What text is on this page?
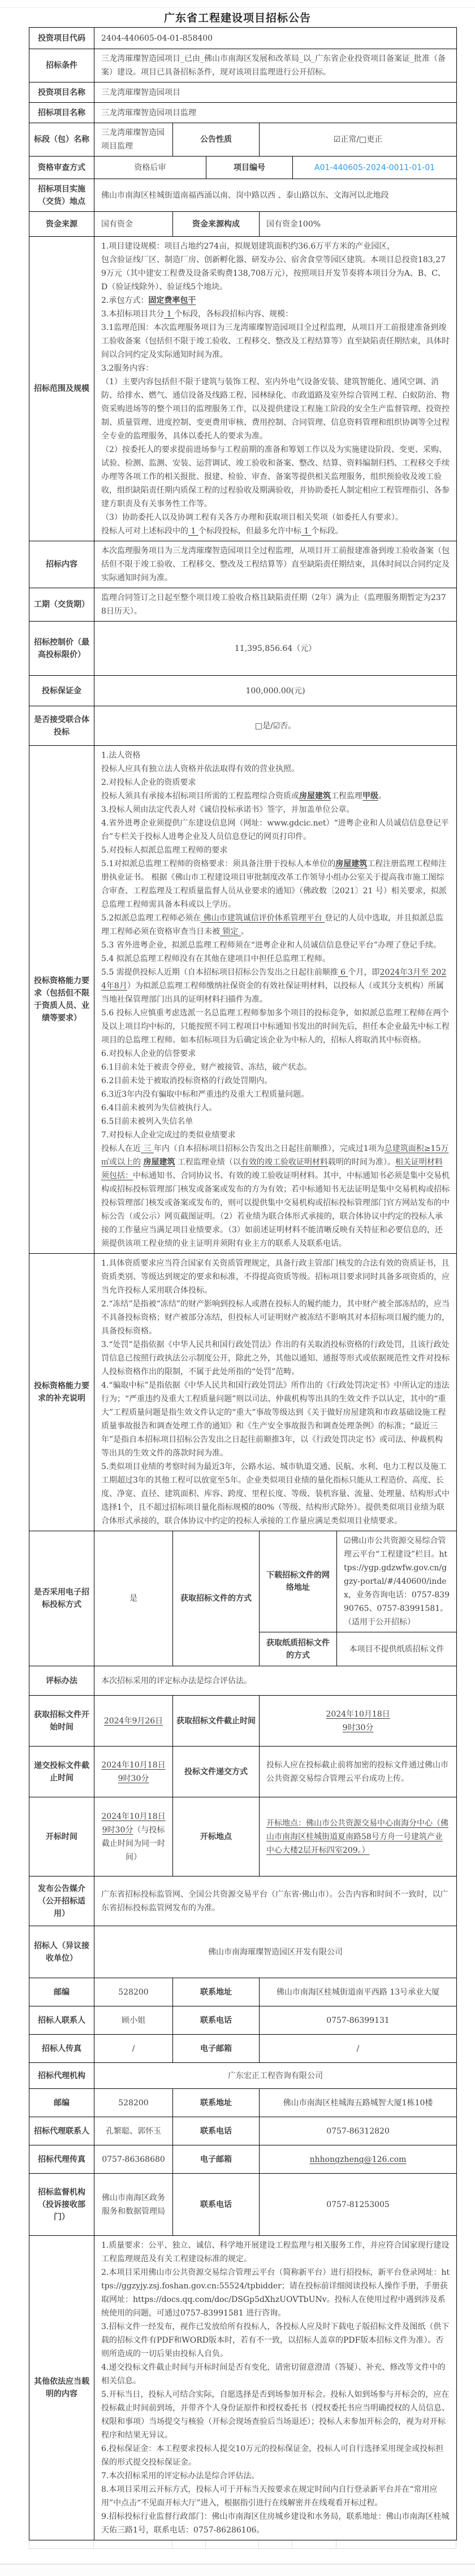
广东省工程建设项目招标公告
投资项目代码	2404-440605-04-01-858400					

招标条件	三龙湾璀璨智造园项目_已由_佛山市南海区发展和改革局_以_广东省企业投资项目备案证_批准（备案）建设。项目已具备招标条件，现对该项目监理进行公开招标。					

投资项目名称	三龙湾璀璨智造园项目					

招标项目名称	三龙湾璀璨智造园项目监理					

标段（包）名称	三龙湾璀璨智造园项目监理	公告性质		☑正常/□更正		

资格审查方式	资格后审		项目编号		A01-440605-2024-0011-01-01	

招标项目实施（交货）地点	佛山市南海区桂城街道南福西涌以南、岗中路以西 、泰山路以东、文海河以北地段					

资金来源	国有资金	资金来源构成		国有资金100%		

招标范围及规模

1.项目建设规模：项目占地约274亩，拟规划建筑面积约36.6万平方米的产业园区，
包含验证线厂区、制造厂房、创新孵化器、研发办公、宿舍食堂等园区建筑。本项目总投资183,279万元（其中建安工程费及设备采购费138,708万元），按照项目开发节奏将本项目分为A、B、C、D（验证线除外）、验证线5个地块。
2.承包方式：固定费率包干
3.本招标项目共分 1 个标段，各标段招标内容、规模：
3.1监理范围：本次监理服务项目为三龙湾璀璨智造园项目全过程监理，从项目开工前报建准备到竣工验收备案（包括但不限于竣工验收、工程移交、整改及工程结算等）直至缺陷责任期结束，具体时间以合同约定及实际通知时间为准。
3.2服务内容：
（1）主要内容包括但不限于建筑与装饰工程、室内外电气设备安装、建筑智能化、通风空调、消防、给排水、燃气、通信设备及线路工程、园林绿化、市政道路及室外综合管网工程、白蚁防治、物资采购进场等的整个项目的监理服务工作，以及提供建设工程施工阶段的安全生产监督管理、投资控制、质量管理、进度控制、变更费用审核、费用控制、合同管理、信息资料管理和组织协调等全过程全专业的监理服务，具体以委托人的要求为准。
（2）按委托人的要求提前进场参与工程前期的准备和筹划工作以及为实施建设阶段、变更、采购、试验、检测、监测、安装、运营调试、竣工验收和备案、整改、结算、资料编制归档、工程移交手续办理等各项工作的相关报批、报建、检验、审查、备案等提供相关监理服务，组织预验收及竣工验收，组织缺陷责任期内质保工程的过程验收及期满验收，并协助委托人制定相应工程管理指引、各参建方职责及有关事务性工作等。
（3）协助委托人以及协调工程有关各方办理和获取项目相关奖项（如委托人有要求）。
投标人可对上述标段中的 1 个标段投标，但最多允许中标 1 个标段。

招标内容	本次监理服务项目为三龙湾璀璨智造园项目全过程监理，从项目开工前报建准备到竣工验收备案（包括但不限于竣工验收、工程移交、整改及工程结算等）直至缺陷责任期结束，具体时间以合同约定及实际通知时间为准。					

工期（交货期）	监理合同签订之日起至整个项目竣工验收合格且缺陷责任期（2年）满为止（监理服务期暂定为2378日历天）。					

招标控制价（最高投标限价）	11,395,856.64（元）					

投标保证金	100,000.00(元)					

是否接受联合体投标	□是/☑否。					

投标资格能力要求（包括但不限于资质人员、业绩等要求）

1.法人资格
投标人应具有独立法人资格并依法取得有效的营业执照。
2.对投标人企业的资质要求
投标人须具有承接本招标项目所需的工程监理综合资质或房屋建筑工程监理甲级。
3.投标人须由法定代表人对《诚信投标承诺书》签字，并加盖单位公章。
4.省外进粤企业须提供广东建设信息网（网址：www.gdcic.net）“进粤企业和人员诚信信息登记平台”专栏关于投标人进粤企业及人员信息登记的网页打印件。
5.对投标人拟派总监理工程师的要求
5.1对拟派总监理工程师的资格要求：须具备注册于投标人本单位的房屋建筑工程注册监理工程师注册执业证书。 根据《佛山市工程建设项目审批制度改革工作领导小组办公室关于提高我市施工图综合审查、工程监理及工程质量监督人员从业要求的通知》（佛政数〔2021〕21 号）相关要求，拟派总监理工程师需具备本科或以上学历。
5.2拟派总监理工程师必须在 佛山市建筑诚信评价体系管理平台 登记的人员中选取，并且拟派总监理工程师必须在资格审查当日未被 锁定 。
5.3 省外进粤企业，拟派总监理工程师须在“进粤企业和人员诚信信息登记平台”办理了登记手续。
5.4 拟派总监理工程师没有在其他在建项目中担任总监理工程师。
5.5 需提供投标人近期（自本招标项目招标公告发出之日起往前顺推 6 个月，即2024年3月至 2024年8月）为拟派总监理工程师缴纳社保资金的有效社保证明材料，以投标人（或其分支机构）所属当地社保管理部门出具的证明材料扫描件为准。
5.6 投标人应慎重考虑选派一名总监理工程师参加多个项目的投标竞争，如拟派总监理工程师在两个及以上项目均中标的，只能按照不同工程项目中标通知书发出的时间先后，担任本企业最先中标工程项目的总监理工程师。如本招标项目为后确定该企业为中标人的，招标人将取消其中标资格。
6.对投标人企业的信誉要求
6.1目前未处于被责令停业，财产被接管、冻结，破产状态。
6.2目前未处于被取消投标资格的行政处罚期内。
6.3近3年内没有骗取中标和严重违约及重大工程质量问题。
6.4目前未被列为失信被执行人。
6.5目前未被列入失信名单
7.对投标人企业完成过的类似业绩要求
投标人在近 三 年内（自本招标项目招标公告发出之日起往前顺推），完成过1项为总建筑面积≥15万㎡或以上的 房屋建筑 工程监理业绩（以有效的竣工验收证明材料载明的时间为准）。相关证明材料须包括：中标通知书、合同协议书、有效的竣工验收证明材料。其中，中标通知书必须是集中交易机构或招标投标管理部门核发或备案或发布的方为有效；若中标通知书无法证明是集中交易机构或招标投标管理部门核发或备案或发布的，则可以提供集中交易机构或招标投标管理部门官方网站发布的中标公告（或公示）网页截图证明。（2）若业绩为联合体形式承接的，联合体协议中约定的投标人承接的工作量应当满足项目业绩要求。（3）如前述证明材料不能清晰反映有关特征和必要信息的，还须提供该项工程业绩的业主证明并须附有业主方的联系人及联系电话。

投标资格能力要求的补充说明	1.具体资质要求应当符合国家有关资质管理规定，具备行政主管部门核发的合法有效的资质证书，且资质类别、等级达到规定的要求和标准，不得提高资质等级。招标项目要求同时具备多项资质的，应当允许投标人采用联合体投标。
2.“冻结”是指被“冻结”的财产影响到投标人或潜在投标人的履约能力，其中财产被全部冻结的，应当不具备投标资格；财产被部分冻结，但投标人可证明财产被冻结不影响其对本招标项目履约能力的，具备投标资格。
3.“处罚”是指依据《中华人民共和国行政处罚法》作出的有关取消投标资格的行政处罚，且该行政处罚信息已按照行政执法公示制度公开，除此之外，其他以通知、通报等形式或依据规范性文件对投标人投标资格作出的限制，不属于此处所指的“处罚”范畴。
4.“骗取中标”是指依据《中华人民共和国行政处罚法》所作出的《行政处罚决定书》中所认定的违法行为；“严重违约及重大工程质量问题”则以司法、仲裁机构等出具的生效文件予以认定，其中的“重大”工程质量问题是指生效文件认定的“重大”事故等级达到《关于做好房屋建筑和市政基础设施工程质量事故报告和调查处理工作的通知》和《生产安全事故报告和调查处理条例》的标准；“最近三年”是指自本招标项目招标公告发出之日起往前顺推3年，以《行政处罚决定书》或司法、仲裁机构等出具的生效文件的落款时间为准。
5.类似项目业绩的考察时间为最近3年，公路水运、城市轨道交通、民航、水利、电力工程以及施工工期超过3年的其他工程可以放宽至5年。企业类似项目业绩的量化指标只能从工程造价、高度、长度、净宽、直径、建筑面积、库容、跨度、里程长度、等级、装机容量、流量、处理量、结构形式中选择1个，且不超过招标项目量化指标规模的80%（等级、结构形式除外）。提供类似项目业绩为联合体形式承接的，联合体协议中约定的投标人承接的工作量应满足类似项目业绩要求。					

是否采用电子招标投标方式	是	获取招标文件的方式		下载招标文件的网络地址		☑佛山市公共资源交易综合管理云平台“工程建设”栏目。https://ygp.gdzwfw.gov.cn/ggzy-portal/#/440600/index，业务咨询电话：0757-83990765、0757-83991581。（适用于公开招标）

				获取纸质招标文件的方式		本项目不提供纸质招标文件

评标办法	本次招标采用的评定标办法是综合评估法。					

获取招标文件开始时间	2024年9月26日	获取招标文件截止时间		2024年10月18日
9时30分		

递交投标文件截止时间	2024年10月18日9时30分	投标文件递交方式		投标人应在投标截止前将加密的投标文件通过佛山市公共资源交易综合管理云平台成功上传。		

开标时间	2024年10月18日9时30分（与投标截止时间为同一时间）	开标地点		开标地点：佛山市公共资源交易中心南海分中心（佛山市南海区桂城街道夏南路58号方舟一号建筑产业中心大楼2层开标四室209。）		

发布公告媒介（公开招标适用）	广东省招标投标监管网、全国公共资源交易平台（广东省·佛山市）。公告内容和时间不一致时，以广东省招标投标监管网发布的为准。					

招标人（异议接收单位）	佛山市南海璀璨智造园区开发有限公司					

邮编	528200	联系地址		佛山市南海区桂城街道南平西路 13号承业大厦		

招标人联系人	顾小姐	联系电话		0757-86399131		

招标人传真	/	电子邮箱		/		

招标代理机构	广东宏正工程咨询有限公司					

邮编	528200	联系地址		佛山市南海区桂城海五路城智大厦1栋10楼		

招标代理联系人	孔繁聪、郭怀玉	联系电话		0757-86312820		

招标代理传真	0757-86368680	电子邮箱		nhhongzheng@126.com		

招标监督机构（投诉接收部门）	佛山市南海区政务服务和数据管理局	联系电话		0757-81253005		

其他依法应当载明的内容

1.质量要求：公平、独立、诚信、科学地开展建设工程监理与相关服务工作，并应符合国家现行建设工程监理规范及有关工程建设标准的规定。
2.本项目采用佛山市公共资源交易综合管理云平台（简称新平台）进行招投标，新平台登录网址：https://ggzyjy.zsj.foshan.gov.cn:55524/tpbidder；请在投标前详细阅读投标人操作手册，手册获取网址：https://docs.qq.com/doc/DSGp5dXhzUOVTbUNv。投标人在使用过程中遇到涉及系统使用的问题，可通过0757-83991581 进行咨询。
3.招标文件一经发布，视作已发放给所有投标人，各投标人应及时下载电子版招标文件及图纸（供下载的招标文件有PDF和WORD版本时，若有不一致，以招标人盖章的PDF版本招标文件为准）。否则所造成的一切后果由投标人自负。
4.递交投标文件截止时间与开标时间是否有变化，请密切留意澄清（答疑）、补充、修改等文件中的相关信息。
5.开标当日，投标人可结合实际，自愿选择是否到场参加开标会。投标人如到场参与开标会的，应在投标截止时间前到场，并带齐个人身份证原件和授权委托书（授权委托书应当明确授权的人员信息、权限和事项）当场提交与核验（开标会现场查验后当场退还）；投标人未参加开标会的，视为对开标程序和结果无异议。
6.投标保证金：本工程要求投标人提交10万元的投标保证金，投标人可自行选择采用现金或投标担保的形式提交投标保证金。
7.本次招标采用的评定标办法是综合评估法。
8.本项目采用云开标方式，投标人可于开标当天按要求在规定时间内自行登录新平台并在“常用应用”中点击“不见面开标大厅”进入，根据指引进行在线解密并在线观看开标过程。
9.招标投标行业监督行政部门：佛山市南海区住房城乡建设和水务局，联系地址：佛山市南海区桂城天佑三路1号，联系电话：0757-86286106。
